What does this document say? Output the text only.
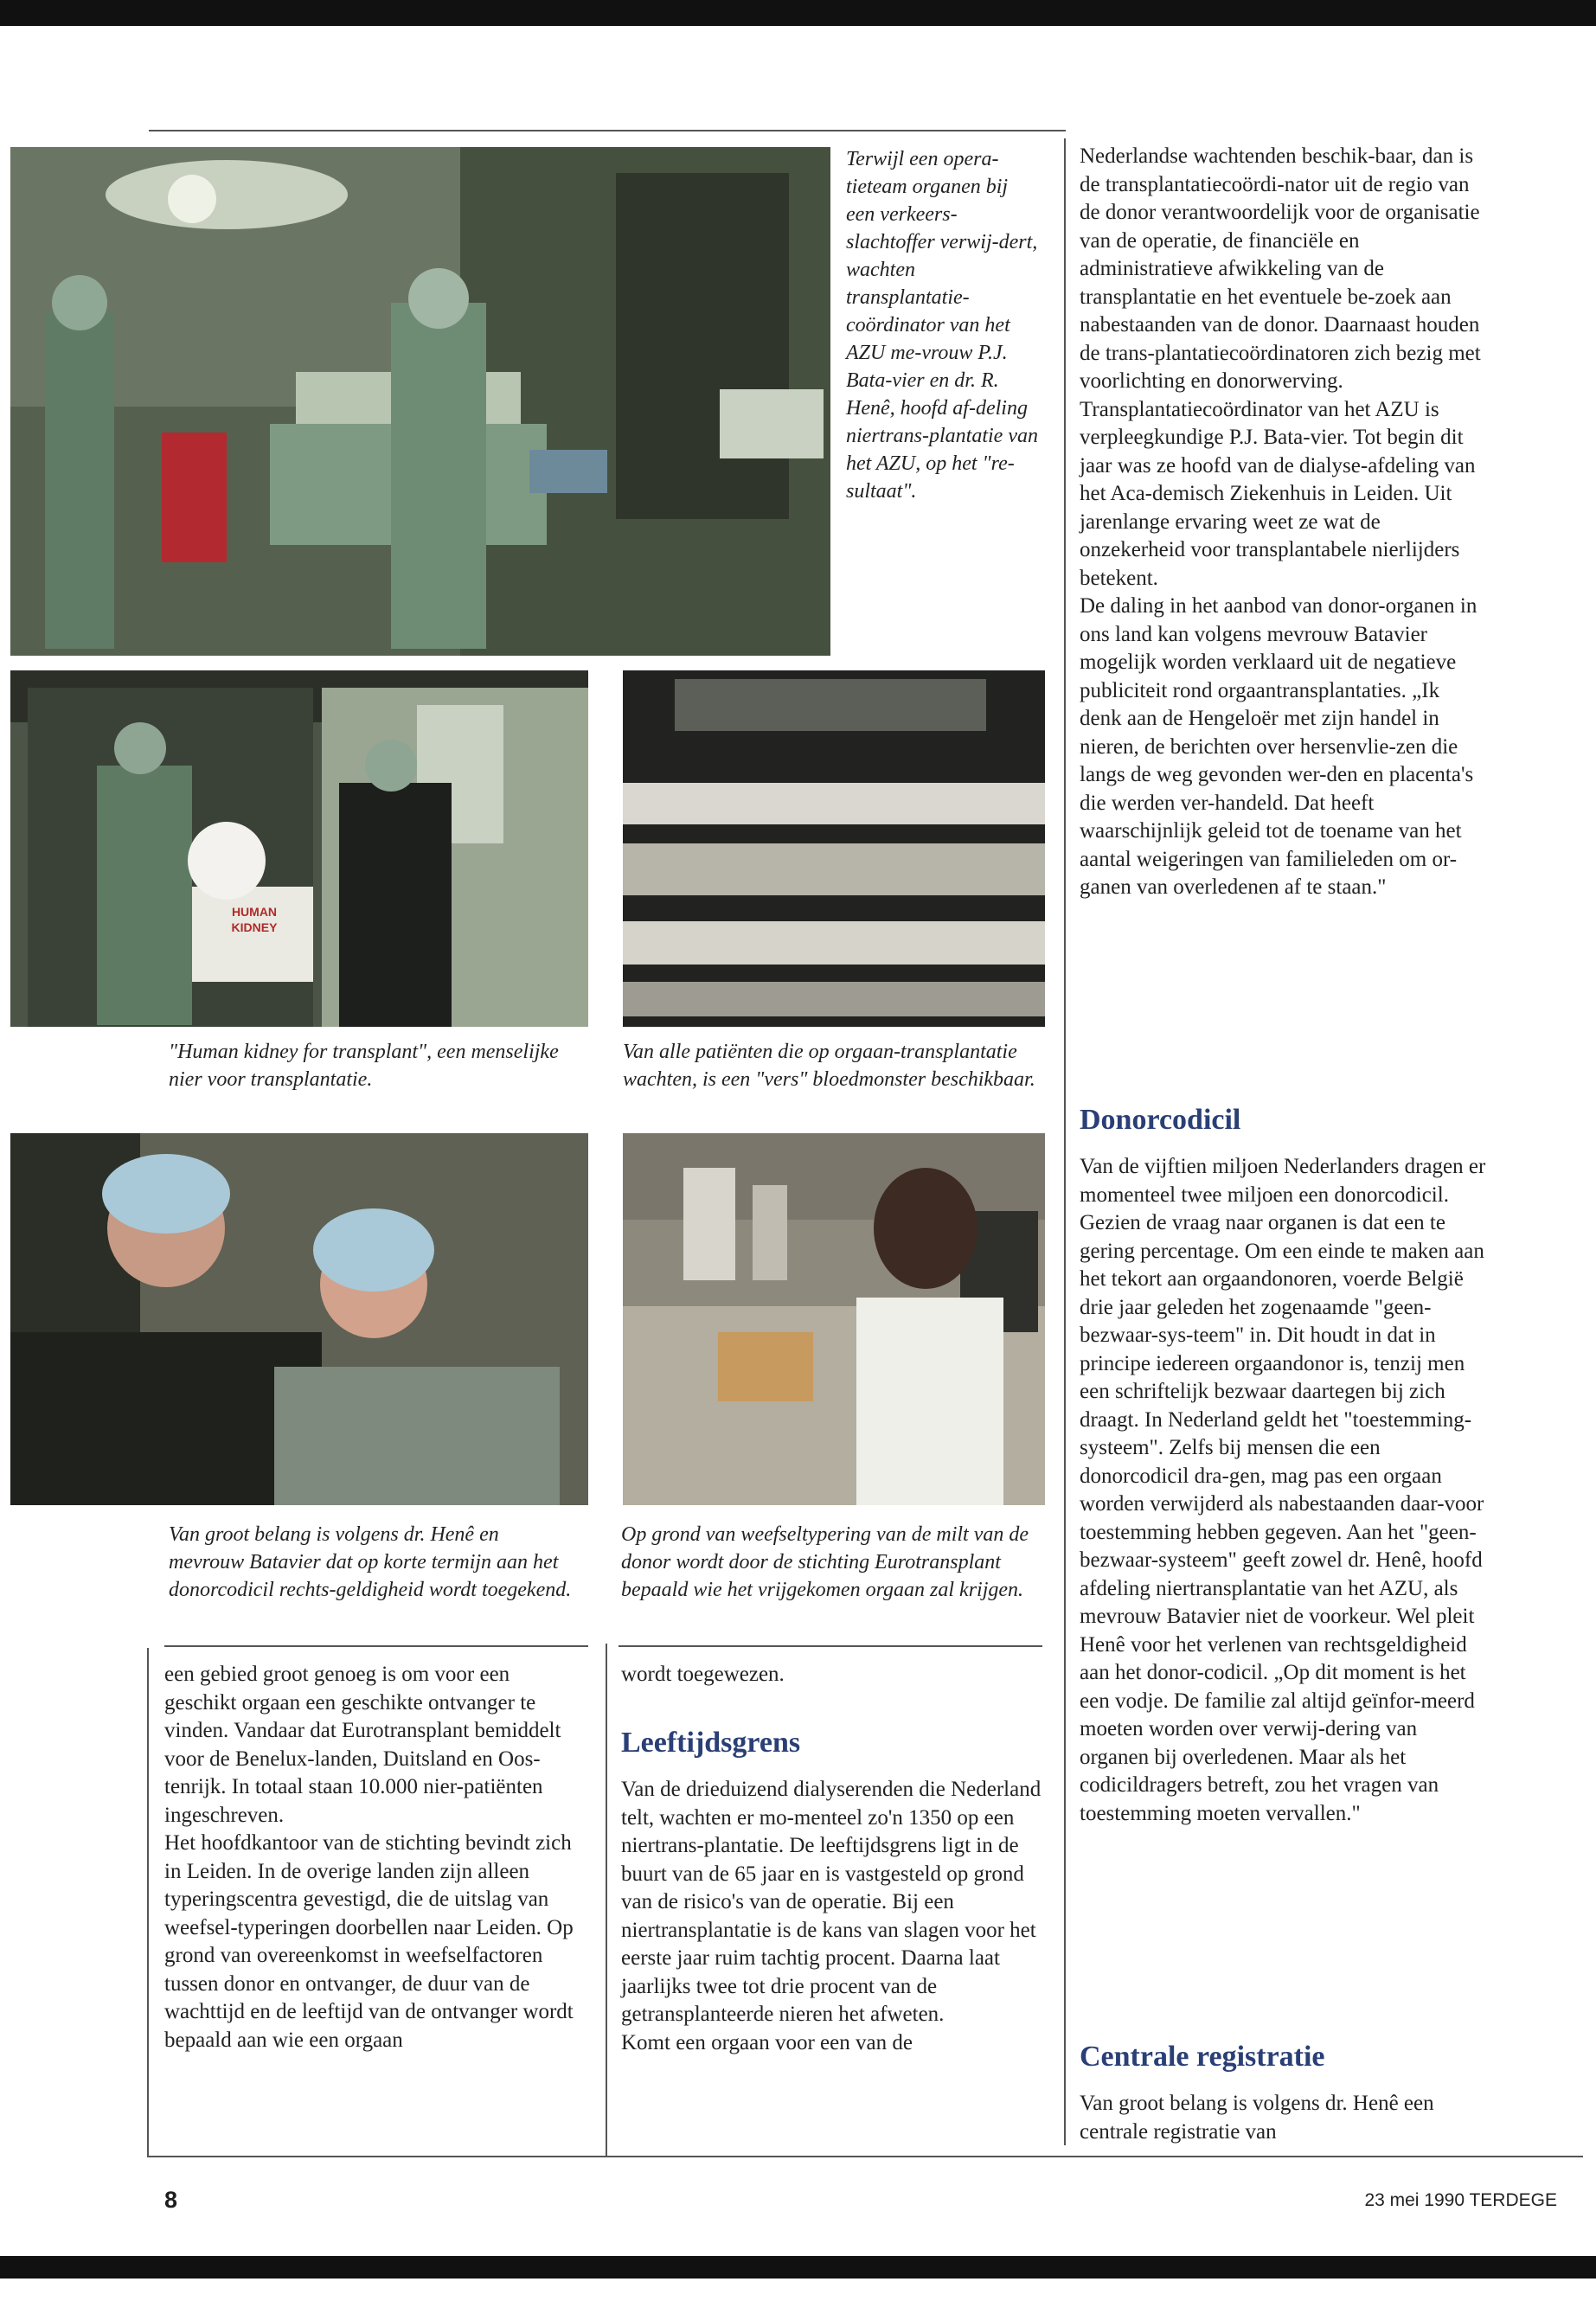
Terwijl een opera-tieteam organen bij een verkeers-slachtoffer verwij-dert, wachten transplantatie-coördinator van het AZU me-vrouw P.J. Bata-vier en dr. R. Henê, hoofd af-deling niertrans-plantatie van het AZU, op het "re-sultaat".
HUMAN
KIDNEY
"Human kidney for transplant", een menselijke nier voor transplantatie.
Van alle patiënten die op orgaan-transplantatie wachten, is een "vers" bloedmonster beschikbaar.
Van groot belang is volgens dr. Henê en mevrouw Batavier dat op korte termijn aan het donorcodicil rechts-geldigheid wordt toegekend.
Op grond van weefseltypering van de milt van de donor wordt door de stichting Eurotransplant bepaald wie het vrijgekomen orgaan zal krijgen.

een gebied groot genoeg is om voor een geschikt orgaan een geschikte ontvanger te vinden. Vandaar dat Eurotransplant bemiddelt voor de Benelux-landen, Duitsland en Oos-tenrijk. In totaal staan 10.000 nier-patiënten ingeschreven.

Het hoofdkantoor van de stichting bevindt zich in Leiden. In de overige landen zijn alleen typeringscentra gevestigd, die de uitslag van weefsel-typeringen doorbellen naar Leiden. Op grond van overeenkomst in weefselfactoren tussen donor en ontvanger, de duur van de wachttijd en de leeftijd van de ontvanger wordt bepaald aan wie een orgaan

wordt toegewezen.

Leeftijdsgrens

Van de drieduizend dialyserenden die Nederland telt, wachten er mo-menteel zo'n 1350 op een niertrans-plantatie. De leeftijdsgrens ligt in de buurt van de 65 jaar en is vastgesteld op grond van de risico's van de operatie. Bij een niertransplantatie is de kans van slagen voor het eerste jaar ruim tachtig procent. Daarna laat jaarlijks twee tot drie procent van de getransplanteerde nieren het afweten.

Komt een orgaan voor een van de

Nederlandse wachtenden beschik-baar, dan is de transplantatiecoördi-nator uit de regio van de donor verantwoordelijk voor de organisatie van de operatie, de financiële en administratieve afwikkeling van de transplantatie en het eventuele be-zoek aan nabestaanden van de donor. Daarnaast houden de trans-plantatiecoördinatoren zich bezig met voorlichting en donorwerving. Transplantatiecoördinator van het AZU is verpleegkundige P.J. Bata-vier. Tot begin dit jaar was ze hoofd van de dialyse-afdeling van het Aca-demisch Ziekenhuis in Leiden. Uit jarenlange ervaring weet ze wat de onzekerheid voor transplantabele nierlijders betekent.

De daling in het aanbod van donor-organen in ons land kan volgens mevrouw Batavier mogelijk worden verklaard uit de negatieve publiciteit rond orgaantransplantaties. „Ik denk aan de Hengeloër met zijn handel in nieren, de berichten over hersenvlie-zen die langs de weg gevonden wer-den en placenta's die werden ver-handeld. Dat heeft waarschijnlijk geleid tot de toename van het aantal weigeringen van familieleden om or-ganen van overledenen af te staan."

Donorcodicil

Van de vijftien miljoen Nederlanders dragen er momenteel twee miljoen een donorcodicil. Gezien de vraag naar organen is dat een te gering percentage. Om een einde te maken aan het tekort aan orgaandonoren, voerde België drie jaar geleden het zogenaamde "geen-bezwaar-sys-teem" in. Dit houdt in dat in principe iedereen orgaandonor is, tenzij men een schriftelijk bezwaar daartegen bij zich draagt. In Nederland geldt het "toestemming-systeem". Zelfs bij mensen die een donorcodicil dra-gen, mag pas een orgaan worden verwijderd als nabestaanden daar-voor toestemming hebben gegeven. Aan het "geen-bezwaar-systeem" geeft zowel dr. Henê, hoofd afdeling niertransplantatie van het AZU, als mevrouw Batavier niet de voorkeur. Wel pleit Henê voor het verlenen van rechtsgeldigheid aan het donor-codicil. „Op dit moment is het een vodje. De familie zal altijd geïnfor-meerd moeten worden over verwij-dering van organen bij overledenen. Maar als het codicildragers betreft, zou het vragen van toestemming moeten vervallen."

Centrale registratie

Van groot belang is volgens dr. Henê een centrale registratie van

8	23 mei 1990 TERDEGE
